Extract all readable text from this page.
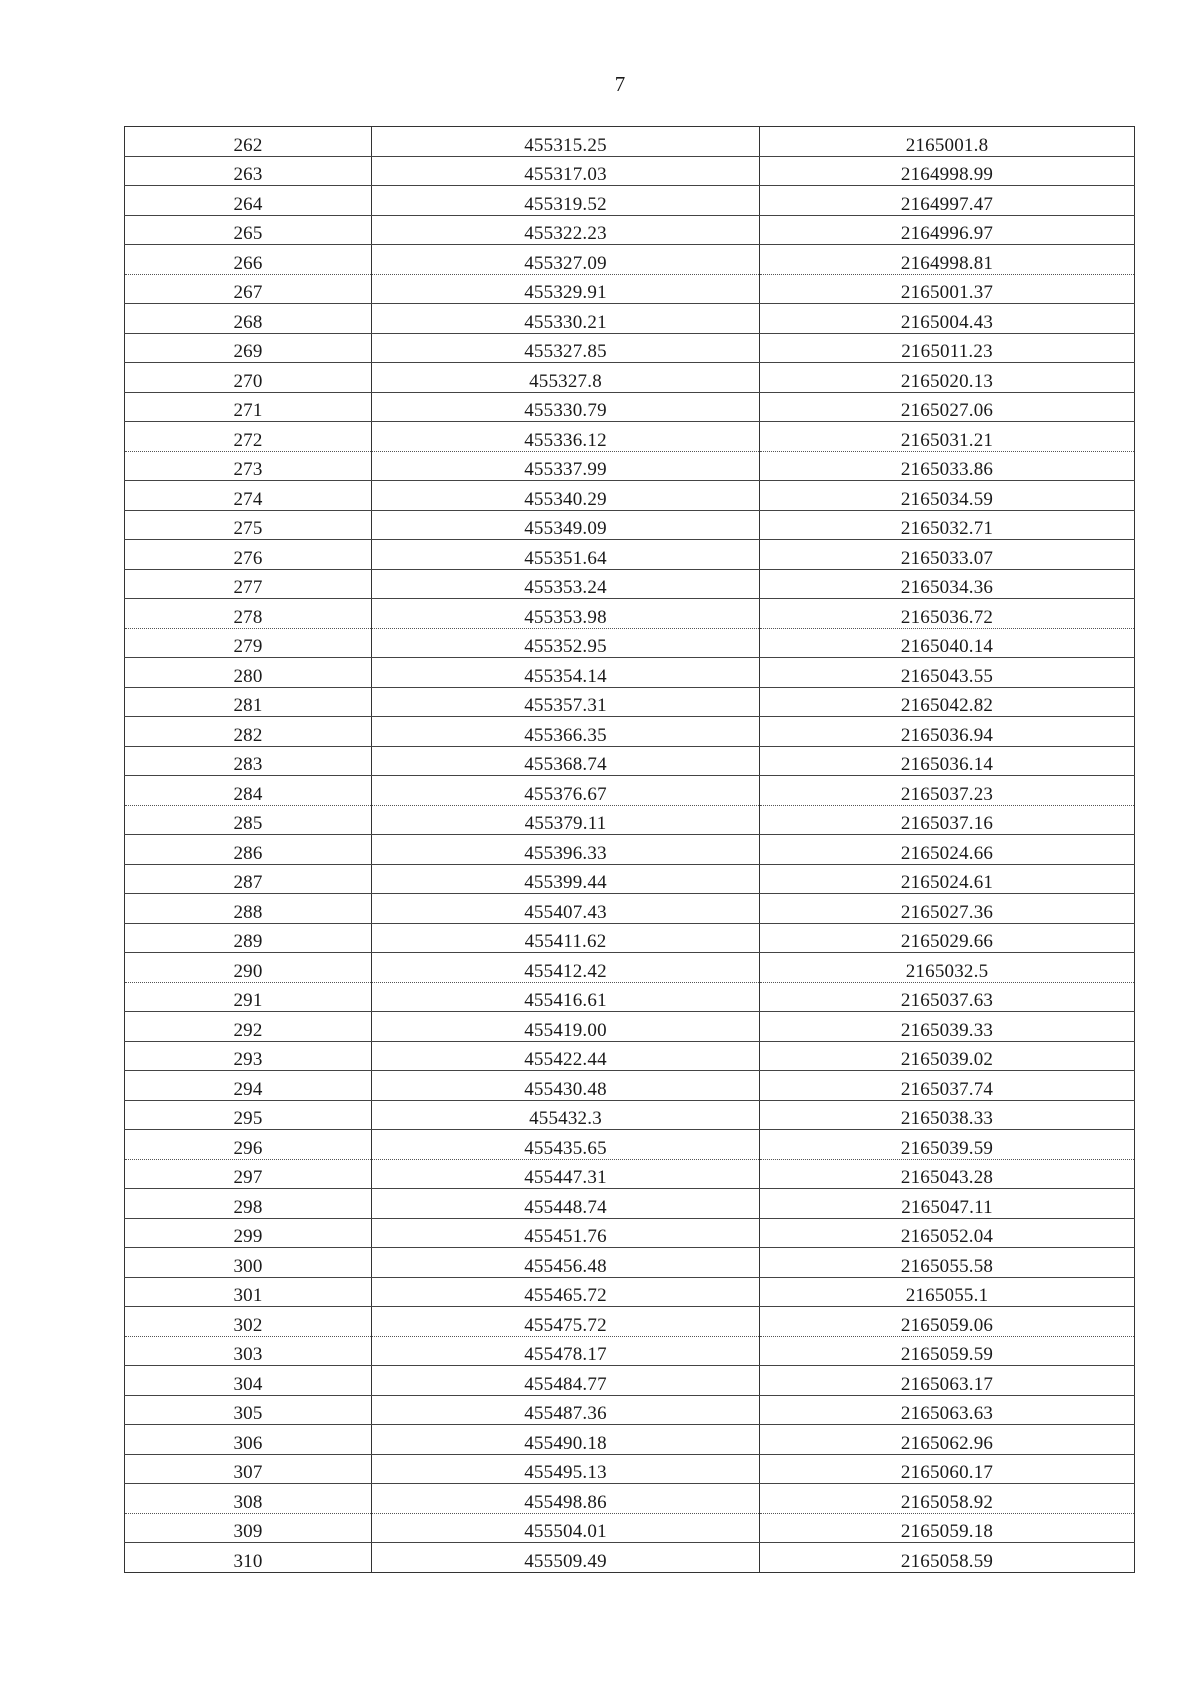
7
262	455315.25	2165001.8
263	455317.03	2164998.99
264	455319.52	2164997.47
265	455322.23	2164996.97
266	455327.09	2164998.81
267	455329.91	2165001.37
268	455330.21	2165004.43
269	455327.85	2165011.23
270	455327.8	2165020.13
271	455330.79	2165027.06
272	455336.12	2165031.21
273	455337.99	2165033.86
274	455340.29	2165034.59
275	455349.09	2165032.71
276	455351.64	2165033.07
277	455353.24	2165034.36
278	455353.98	2165036.72
279	455352.95	2165040.14
280	455354.14	2165043.55
281	455357.31	2165042.82
282	455366.35	2165036.94
283	455368.74	2165036.14
284	455376.67	2165037.23
285	455379.11	2165037.16
286	455396.33	2165024.66
287	455399.44	2165024.61
288	455407.43	2165027.36
289	455411.62	2165029.66
290	455412.42	2165032.5
291	455416.61	2165037.63
292	455419.00	2165039.33
293	455422.44	2165039.02
294	455430.48	2165037.74
295	455432.3	2165038.33
296	455435.65	2165039.59
297	455447.31	2165043.28
298	455448.74	2165047.11
299	455451.76	2165052.04
300	455456.48	2165055.58
301	455465.72	2165055.1
302	455475.72	2165059.06
303	455478.17	2165059.59
304	455484.77	2165063.17
305	455487.36	2165063.63
306	455490.18	2165062.96
307	455495.13	2165060.17
308	455498.86	2165058.92
309	455504.01	2165059.18
310	455509.49	2165058.59
